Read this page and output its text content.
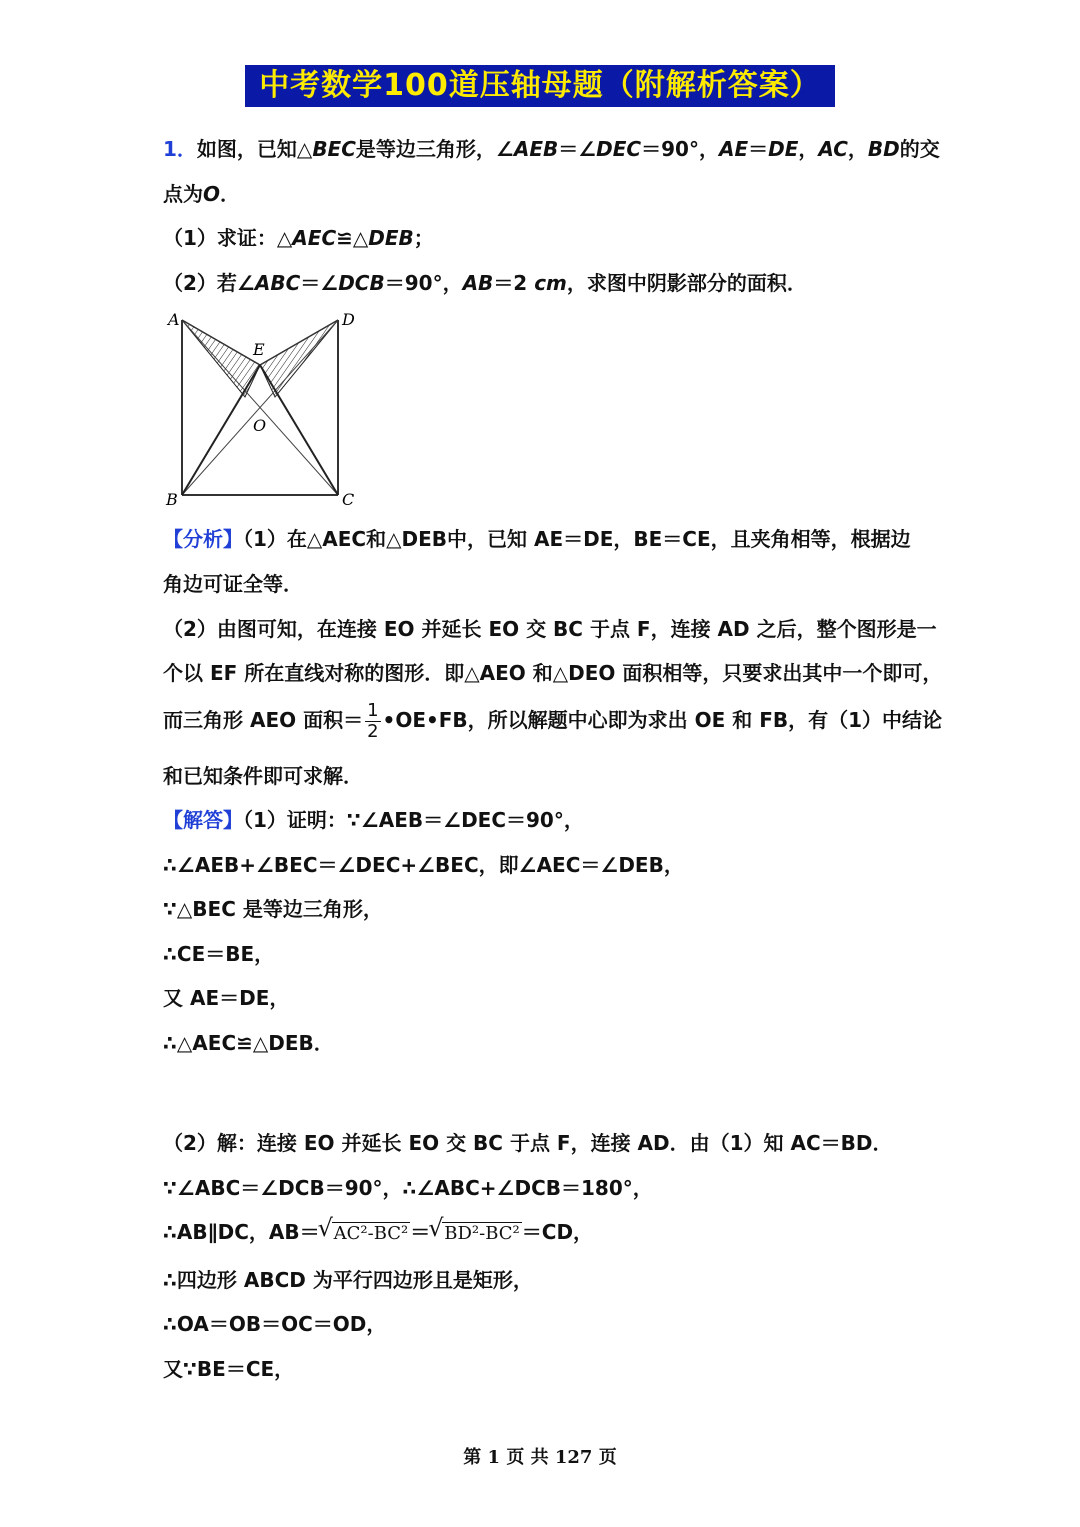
中考数学100道压轴母题（附解析答案）
1．如图，已知△BEC是等边三角形，∠AEB＝∠DEC＝90°，AE＝DE，AC，BD的交
点为O．
（1）求证：△AEC≌△DEB；
（2）若∠ABC＝∠DCB＝90°，AB＝2 cm，求图中阴影部分的面积．
A	D
E
O
B	C
【分析】（1）在△AEC和△DEB中，已知 AE＝DE，BE＝CE，且夹角相等，根据边
角边可证全等．
（2）由图可知，在连接 EO 并延长 EO 交 BC 于点 F，连接 AD 之后，整个图形是一
个以 EF 所在直线对称的图形．即△AEO 和△DEO 面积相等，只要求出其中一个即可，
而三角形 AEO 面积＝ $\frac{1}{2}$ •OE•FB，所以解题中心即为求出 OE 和 FB，有（1）中结论
和已知条件即可求解．
【解答】（1）证明：∵∠AEB＝∠DEC＝90°，
∴∠AEB+∠BEC＝∠DEC+∠BEC，即∠AEC＝∠DEB，
∵△BEC 是等边三角形，
∴CE＝BE，
又 AE＝DE，
∴△AEC≌△DEB．
（2）解：连接 EO 并延长 EO 交 BC 于点 F，连接 AD．由（1）知 AC＝BD．
∵∠ABC＝∠DCB＝90°，∴∠ABC+∠DCB＝180°，
∴AB∥DC，AB＝ √ AC²-BC² ＝ √ BD²-BC² ＝CD，
∴四边形 ABCD 为平行四边形且是矩形，
∴OA＝OB＝OC＝OD，
又∵BE＝CE，
第 1 页 共 127 页
